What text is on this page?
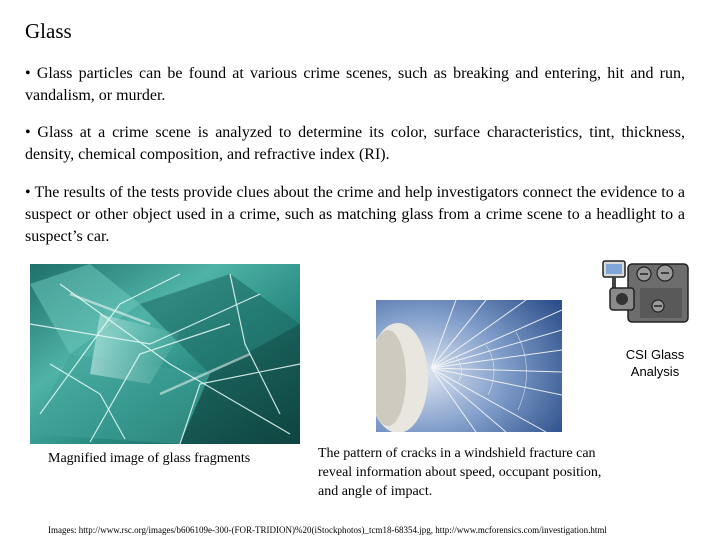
Glass
• Glass particles can be found at various crime scenes, such as breaking and entering, hit and run, vandalism, or murder.
• Glass at a crime scene is analyzed to determine its color, surface characteristics, tint, thickness, density, chemical composition, and refractive index (RI).
• The results of the tests provide clues about the crime and help investigators connect the evidence to a suspect or other object used in a crime, such as matching glass from a crime scene to a headlight to a suspect’s car.
CSI Glass Analysis
Magnified image of glass fragments	The pattern of cracks in a windshield fracture can reveal information about speed, occupant position, and angle of impact.
Images: http://www.rsc.org/images/b606109e-300-(FOR-TRIDION)%20(iStockphotos)_tcm18-68354.jpg, http://www.mcforensics.com/investigation.html
